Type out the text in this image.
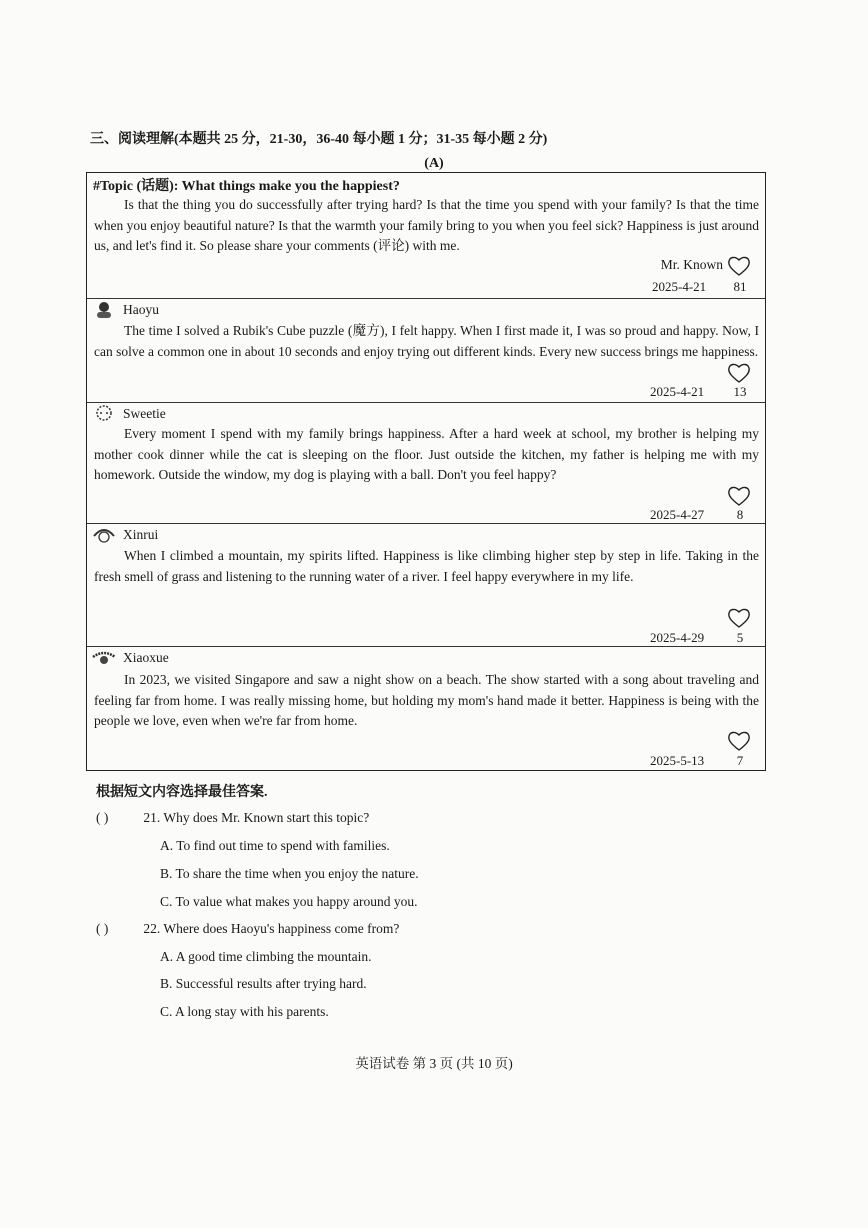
三、阅读理解(本题共 25 分，21-30，36-40 每小题 1 分；31-35 每小题 2 分)
(A)
#Topic (话题): What things make you the happiest?
Is that the thing you do successfully after trying hard? Is that the time you spend with your family? Is that the time when you enjoy beautiful nature? Is that the warmth your family bring to you when you feel sick? Happiness is just around us, and let's find it. So please share your comments (评论) with me.
Mr. Known
2025-4-21	81
Haoyu
The time I solved a Rubik's Cube puzzle (魔方), I felt happy. When I first made it, I was so proud and happy. Now, I can solve a common one in about 10 seconds and enjoy trying out different kinds. Every new success brings me happiness.
2025-4-21	13
Sweetie
Every moment I spend with my family brings happiness. After a hard week at school, my brother is helping my mother cook dinner while the cat is sleeping on the floor. Just outside the kitchen, my father is helping me with my homework. Outside the window, my dog is playing with a ball. Don't you feel happy?
2025-4-27	8
Xinrui
When I climbed a mountain, my spirits lifted. Happiness is like climbing higher step by step in life. Taking in the fresh smell of grass and listening to the running water of a river. I feel happy everywhere in my life.
2025-4-29	5
Xiaoxue
In 2023, we visited Singapore and saw a night show on a beach. The show started with a song about traveling and feeling far from home. I was really missing home, but holding my mom's hand made it better. Happiness is being with the people we love, even when we're far from home.
2025-5-13	7
根据短文内容选择最佳答案.
( )	21. Why does Mr. Known start this topic?
A. To find out time to spend with families.
B. To share the time when you enjoy the nature.
C. To value what makes you happy around you.
( )	22. Where does Haoyu's happiness come from?
A. A good time climbing the mountain.
B. Successful results after trying hard.
C. A long stay with his parents.
英语试卷 第 3 页 (共 10 页)
